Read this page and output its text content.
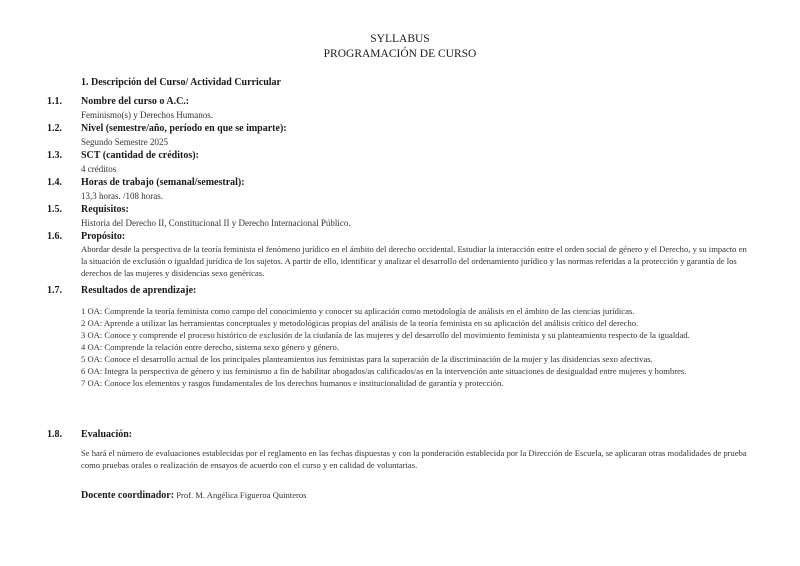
SYLLABUS
PROGRAMACIÓN DE CURSO
1. Descripción del Curso/ Actividad Curricular
1.1. Nombre del curso o A.C.:
Feminismo(s) y Derechos Humanos.
1.2. Nivel (semestre/año, período en que se imparte):
Segundo Semestre 2025
1.3. SCT (cantidad de créditos):
4 créditos
1.4. Horas de trabajo (semanal/semestral):
13,3 horas. /108 horas.
1.5. Requisitos:
Historia del Derecho II, Constitucional II y Derecho Internacional Público.
1.6. Propósito:
Abordar desde la perspectiva de la teoría feminista el fenómeno jurídico en el ámbito del derecho occidental. Estudiar la interacción entre el orden social de género y el Derecho, y su impacto en la situación de exclusión o igualdad jurídica de los sujetos. A partir de ello, identificar y analizar el desarrollo del ordenamiento jurídico y las normas referidas a la protección y garantía de los derechos de las mujeres y disidencias sexo genéricas.
1.7. Resultados de aprendizaje:
1 OA: Comprende la teoría feminista como campo del conocimiento y conocer su aplicación como metodología de análisis en el ámbito de las ciencias jurídicas.
2 OA: Aprende a utilizar las herramientas conceptuales y metodológicas propias del análisis de la teoría feminista en su aplicación del análisis crítico del derecho.
3 OA: Conoce y comprende el proceso histórico de exclusión de la ciudanía de las mujeres y del desarrollo del movimiento feminista y su planteamiento respecto de la igualdad.
4 OA: Comprende la relación entre derecho, sistema sexo género y género.
5 OA: Conoce el desarrollo actual de los principales planteamientos ius feministas para la superación de la discriminación de la mujer y las disidencias sexo afectivas.
6 OA: Integra la perspectiva de género y ius feminismo a fin de habilitar abogados/as calificados/as en la intervención ante situaciones de desigualdad entre mujeres y hombres.
7 OA: Conoce los elementos y rasgos fundamentales de los derechos humanos e institucionalidad de garantía y protección.
1.8. Evaluación:
Se hará el número de evaluaciones establecidas por el reglamento en las fechas dispuestas y con la ponderación establecida por la Dirección de Escuela, se aplicaran otras modalidades de prueba como pruebas orales o realización de ensayos de acuerdo con el curso y en calidad de voluntarias.
Docente coordinador: Prof. M. Angélica Figueroa Quinteros
